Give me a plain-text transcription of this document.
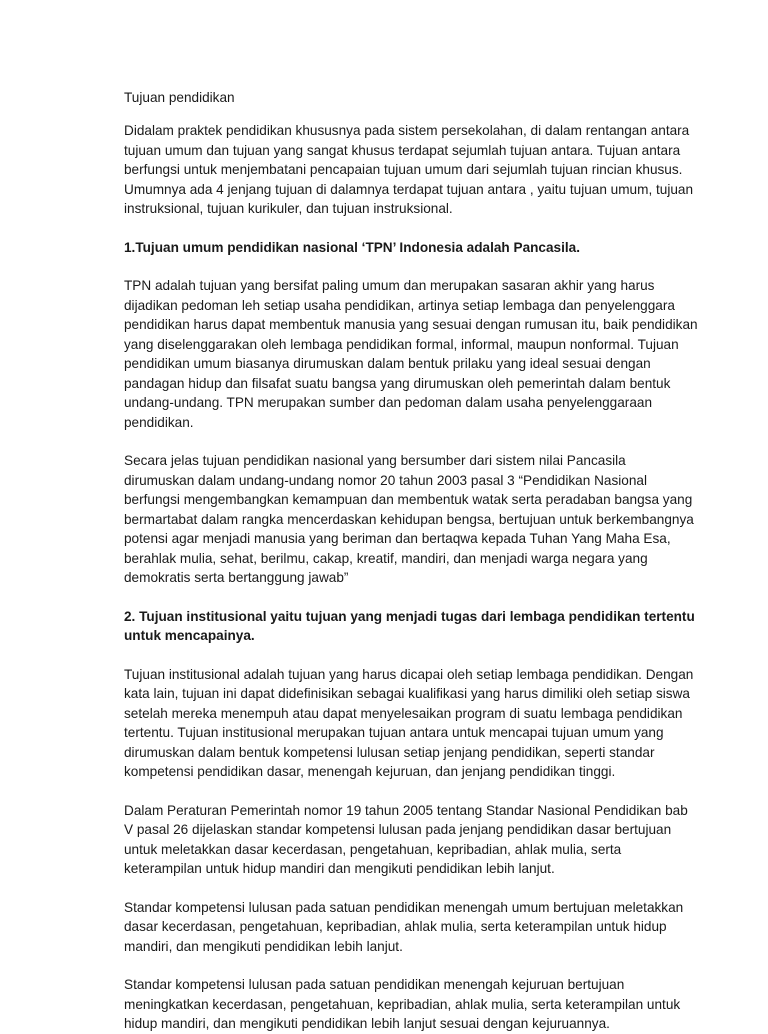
Tujuan pendidikan

Didalam praktek pendidikan khususnya pada sistem persekolahan, di dalam rentangan antara tujuan umum dan tujuan yang sangat khusus terdapat sejumlah tujuan antara. Tujuan antara berfungsi untuk menjembatani pencapaian tujuan umum dari sejumlah tujuan rincian khusus. Umumnya ada 4 jenjang tujuan di dalamnya terdapat tujuan antara , yaitu tujuan umum, tujuan instruksional, tujuan kurikuler, dan tujuan instruksional.

1.Tujuan umum pendidikan nasional ‘TPN’ Indonesia adalah Pancasila.

TPN adalah tujuan yang bersifat paling umum dan merupakan sasaran akhir yang harus dijadikan pedoman leh setiap usaha pendidikan, artinya setiap lembaga dan penyelenggara pendidikan harus dapat membentuk manusia yang sesuai dengan rumusan itu, baik pendidikan yang diselenggarakan oleh lembaga pendidikan formal, informal, maupun nonformal. Tujuan pendidikan umum biasanya dirumuskan dalam bentuk prilaku yang ideal sesuai dengan pandagan hidup dan filsafat suatu bangsa yang dirumuskan oleh pemerintah dalam bentuk undang-undang. TPN merupakan sumber dan pedoman dalam usaha penyelenggaraan pendidikan.

Secara jelas tujuan pendidikan nasional yang bersumber dari sistem nilai Pancasila dirumuskan dalam undang-undang nomor 20 tahun 2003 pasal 3 “Pendidikan Nasional berfungsi mengembangkan kemampuan dan membentuk watak serta peradaban bangsa yang bermartabat dalam rangka mencerdaskan kehidupan bengsa, bertujuan untuk berkembangnya potensi agar menjadi manusia yang beriman dan bertaqwa kepada Tuhan Yang Maha Esa, berahlak mulia, sehat, berilmu, cakap, kreatif, mandiri, dan menjadi warga negara yang demokratis serta bertanggung jawab”

2. Tujuan institusional yaitu tujuan yang menjadi tugas dari lembaga pendidikan tertentu untuk mencapainya.

Tujuan institusional adalah tujuan yang harus dicapai oleh setiap lembaga pendidikan. Dengan kata lain, tujuan ini dapat didefinisikan sebagai kualifikasi yang harus dimiliki oleh setiap siswa setelah mereka menempuh atau dapat menyelesaikan program di suatu lembaga pendidikan tertentu. Tujuan institusional merupakan tujuan antara untuk mencapai tujuan umum yang dirumuskan dalam bentuk kompetensi lulusan setiap jenjang pendidikan, seperti standar kompetensi pendidikan dasar, menengah kejuruan, dan jenjang pendidikan tinggi.

Dalam Peraturan Pemerintah nomor 19 tahun 2005 tentang Standar Nasional Pendidikan bab V pasal 26 dijelaskan standar kompetensi lulusan pada jenjang pendidikan dasar bertujuan untuk meletakkan dasar kecerdasan, pengetahuan, kepribadian, ahlak mulia, serta keterampilan untuk hidup mandiri dan mengikuti pendidikan lebih lanjut.

Standar kompetensi lulusan pada satuan pendidikan menengah umum bertujuan meletakkan dasar kecerdasan, pengetahuan, kepribadian, ahlak mulia, serta keterampilan untuk hidup mandiri, dan mengikuti pendidikan lebih lanjut.

Standar kompetensi lulusan pada satuan pendidikan menengah kejuruan bertujuan meningkatkan kecerdasan, pengetahuan, kepribadian, ahlak mulia, serta keterampilan untuk hidup mandiri, dan mengikuti pendidikan lebih lanjut sesuai dengan kejuruannya.
